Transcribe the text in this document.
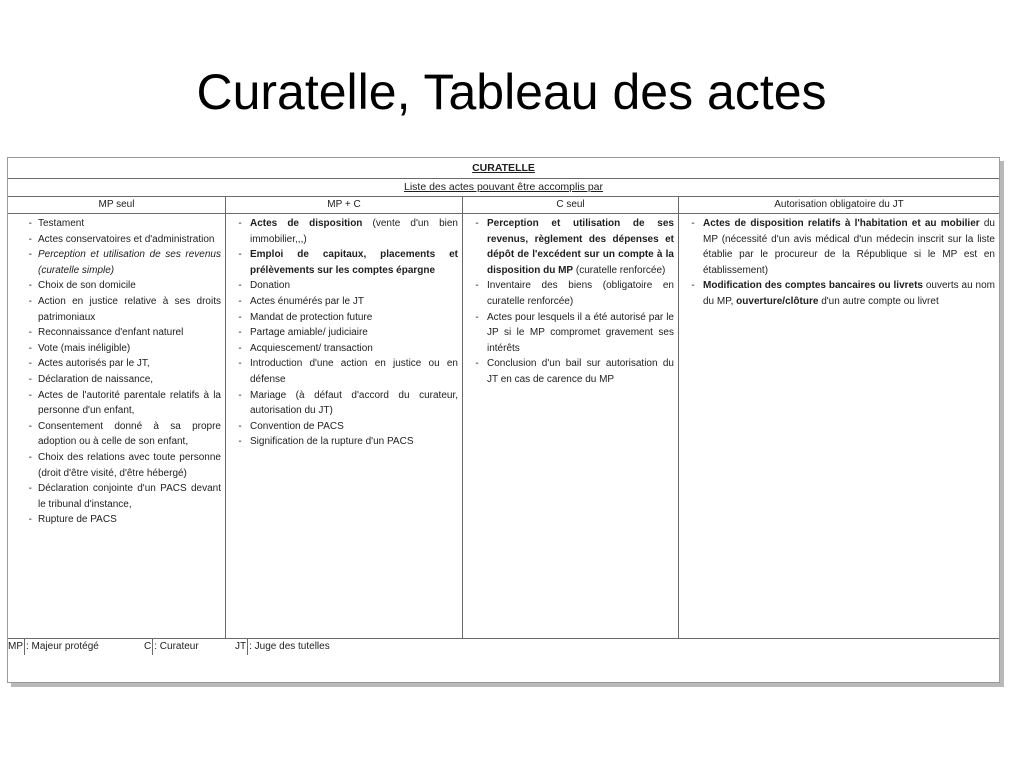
Curatelle, Tableau des actes
CURATELLE
Liste des actes pouvant être accomplis par
MP seul
- Testament
- Actes conservatoires et d'administration
- Perception et utilisation de ses revenus (curatelle simple)
- Choix de son domicile
- Action en justice relative à ses droits patrimoniaux
- Reconnaissance d'enfant naturel
- Vote (mais inéligible)
- Actes autorisés par le JT,
- Déclaration de naissance,
- Actes de l'autorité parentale relatifs à la personne d'un enfant,
- Consentement donné à sa propre adoption ou à celle de son enfant,
- Choix des relations avec toute personne (droit d'être visité, d'être hébergé)
- Déclaration conjointe d'un PACS devant le tribunal d'instance,
- Rupture de PACS
MP + C
- Actes de disposition (vente d'un bien immobilier,,,)
- Emploi de capitaux, placements et prélèvements sur les comptes épargne
- Donation
- Actes énumérés par le JT
- Mandat de protection future
- Partage amiable/ judiciaire
- Acquiescement/ transaction
- Introduction d'une action en justice ou en défense
- Mariage (à défaut d'accord du curateur, autorisation du JT)
- Convention de PACS
- Signification de la rupture d'un PACS
C seul
- Perception et utilisation de ses revenus, règlement des dépenses et dépôt de l'excédent sur un compte à la disposition du MP (curatelle renforcée)
- Inventaire des biens (obligatoire en curatelle renforcée)
- Actes pour lesquels il a été autorisé par le JP si le MP compromet gravement ses intérêts
- Conclusion d'un bail sur autorisation du JT en cas de carence du MP
Autorisation obligatoire du JT
- Actes de disposition relatifs à l'habitation et au mobilier du MP (nécessité d'un avis médical d'un médecin inscrit sur la liste établie par le procureur de la République si le MP est en établissement)
- Modification des comptes bancaires ou livrets ouverts au nom du MP, ouverture/clôture d'un autre compte ou livret
MP : Majeur protégé	C : Curateur	JT : Juge des tutelles
